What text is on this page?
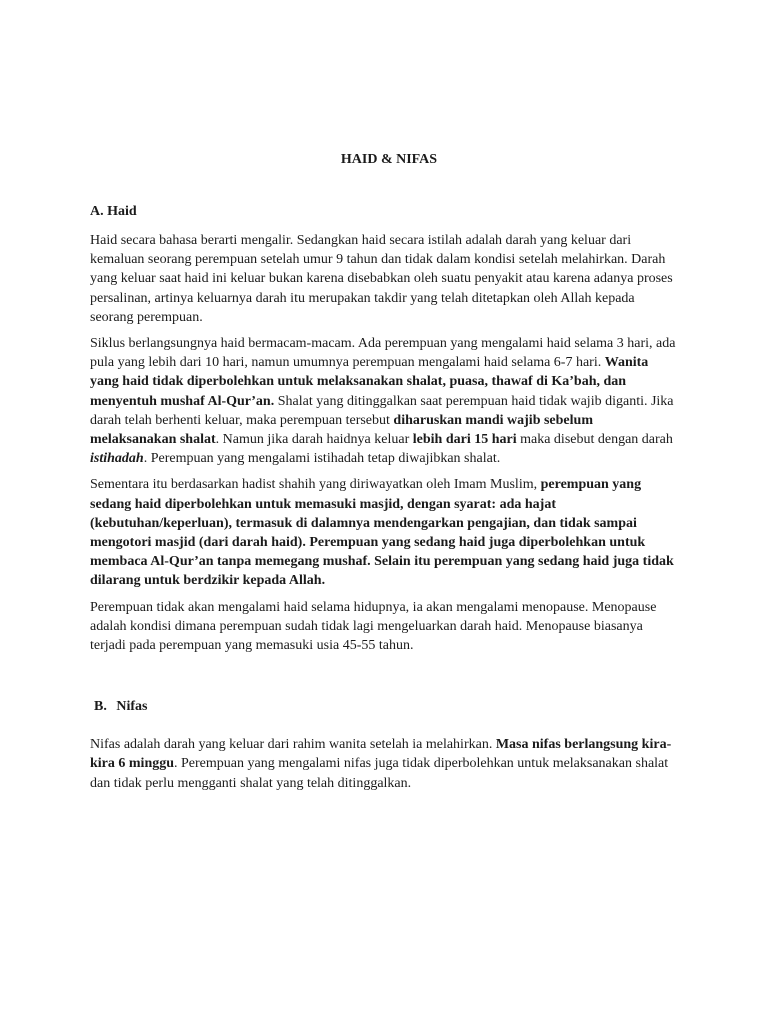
HAID & NIFAS
A. Haid

Haid secara bahasa berarti mengalir. Sedangkan haid secara istilah adalah darah yang keluar dari kemaluan seorang perempuan setelah umur 9 tahun dan tidak dalam kondisi setelah melahirkan. Darah yang keluar saat haid ini keluar bukan karena disebabkan oleh suatu penyakit atau karena adanya proses persalinan, artinya keluarnya darah itu merupakan takdir yang telah ditetapkan oleh Allah kepada seorang perempuan.

Siklus berlangsungnya haid bermacam-macam. Ada perempuan yang mengalami haid selama 3 hari, ada pula yang lebih dari 10 hari, namun umumnya perempuan mengalami haid selama 6-7 hari. Wanita yang haid tidak diperbolehkan untuk melaksanakan shalat, puasa, thawaf di Ka’bah, dan menyentuh mushaf Al-Qur’an. Shalat yang ditinggalkan saat perempuan haid tidak wajib diganti. Jika darah telah berhenti keluar, maka perempuan tersebut diharuskan mandi wajib sebelum melaksanakan shalat. Namun jika darah haidnya keluar lebih dari 15 hari maka disebut dengan darah istihadah. Perempuan yang mengalami istihadah tetap diwajibkan shalat.

Sementara itu berdasarkan hadist shahih yang diriwayatkan oleh Imam Muslim, perempuan yang sedang haid diperbolehkan untuk memasuki masjid, dengan syarat: ada hajat (kebutuhan/keperluan), termasuk di dalamnya mendengarkan pengajian, dan tidak sampai mengotori masjid (dari darah haid). Perempuan yang sedang haid juga diperbolehkan untuk membaca Al-Qur’an tanpa memegang mushaf. Selain itu perempuan yang sedang haid juga tidak dilarang untuk berdzikir kepada Allah.

Perempuan tidak akan mengalami haid selama hidupnya, ia akan mengalami menopause. Menopause adalah kondisi dimana perempuan sudah tidak lagi mengeluarkan darah haid. Menopause biasanya terjadi pada perempuan yang memasuki usia 45-55 tahun.

B. Nifas

Nifas adalah darah yang keluar dari rahim wanita setelah ia melahirkan. Masa nifas berlangsung kira-kira 6 minggu. Perempuan yang mengalami nifas juga tidak diperbolehkan untuk melaksanakan shalat dan tidak perlu mengganti shalat yang telah ditinggalkan.
